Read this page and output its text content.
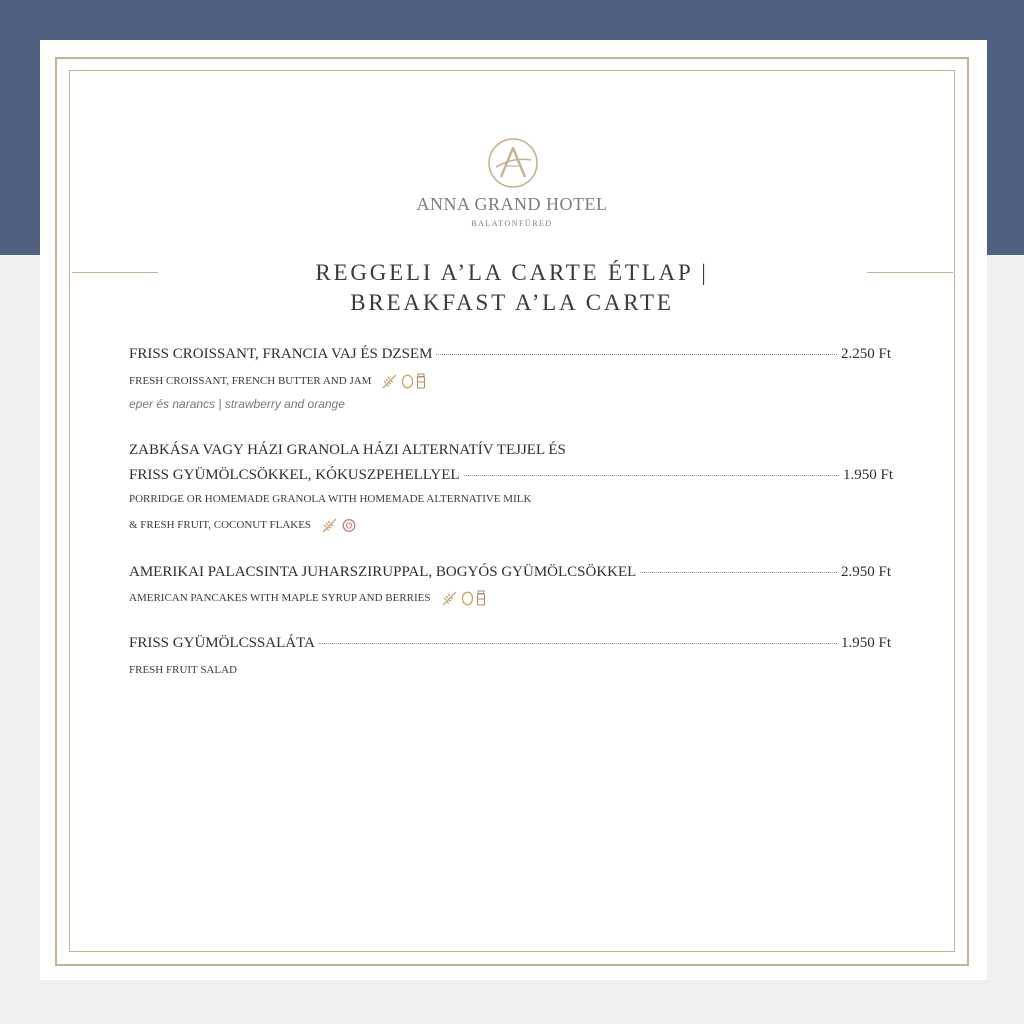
ANNA GRAND HOTEL
BALATONFÜRED
REGGELI A’LA CARTE ÉTLAP |
BREAKFAST A’LA CARTE
FRISS CROISSANT, FRANCIA VAJ ÉS DZSEM	2.250 Ft
FRESH CROISSANT, FRENCH BUTTER AND JAM
eper és narancs | strawberry and orange
ZABKÁSA VAGY HÁZI GRANOLA HÁZI ALTERNATÍV TEJJEL ÉS
FRISS GYÜMÖLCSÖKKEL, KÓKUSZPEHELLYEL	1.950 Ft
PORRIDGE OR HOMEMADE GRANOLA WITH HOMEMADE ALTERNATIVE MILK
& FRESH FRUIT, COCONUT FLAKES
AMERIKAI PALACSINTA JUHARSZIRUPPAL, BOGYÓS GYÜMÖLCSÖKKEL	2.950 Ft
AMERICAN PANCAKES WITH MAPLE SYRUP AND BERRIES
FRISS GYÜMÖLCSSALÁTA	1.950 Ft
FRESH FRUIT SALAD
